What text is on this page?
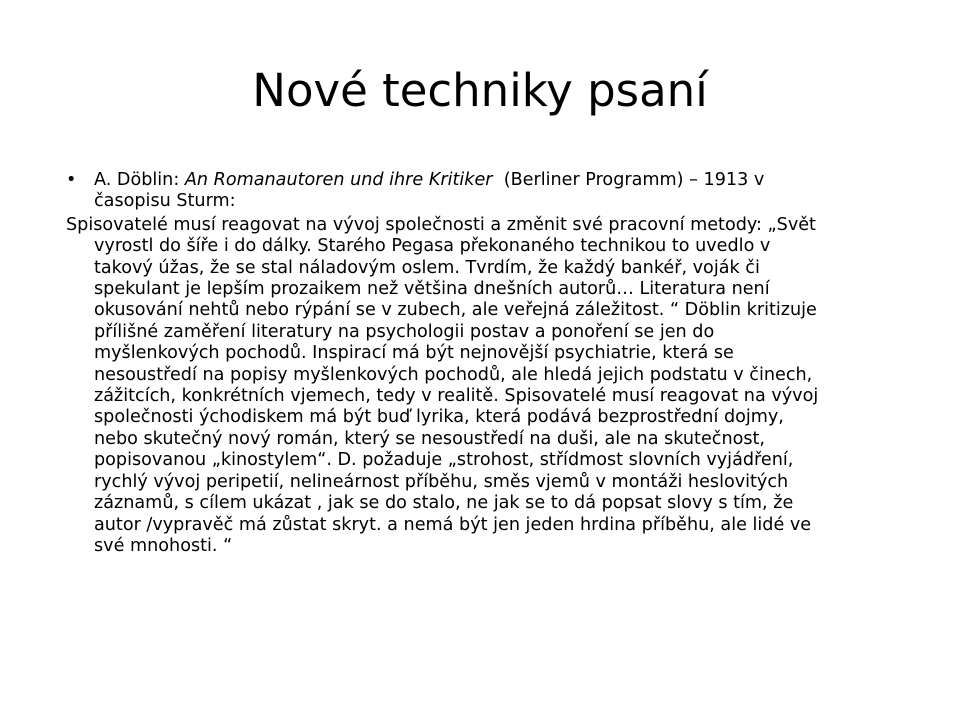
Nové techniky psaní
• A. Döblin: An Romanautoren und ihre Kritiker  (Berliner Programm) – 1913 v
časopisu Sturm:

Spisovatelé musí reagovat na vývoj společnosti a změnit své pracovní metody: „Svět
vyrostl do šíře i do dálky. Starého Pegasa překonaného technikou to uvedlo v
takový úžas, že se stal náladovým oslem. Tvrdím, že každý bankéř, voják či
spekulant je lepším prozaikem než většina dnešních autorů… Literatura není
okusování nehtů nebo rýpání se v zubech, ale veřejná záležitost. “ Döblin kritizuje
přílišné zaměření literatury na psychologii postav a ponoření se jen do
myšlenkových pochodů. Inspirací má být nejnovější psychiatrie, která se
nesoustředí na popisy myšlenkových pochodů, ale hledá jejich podstatu v činech,
zážitcích, konkrétních vjemech, tedy v realitě. Spisovatelé musí reagovat na vývoj
společnosti ýchodiskem má být buď lyrika, která podává bezprostřední dojmy,
nebo skutečný nový román, který se nesoustředí na duši, ale na skutečnost,
popisovanou „kinostylem“. D. požaduje „strohost, střídmost slovních vyjádření,
rychlý vývoj peripetií, nelineárnost příběhu, směs vjemů v montáži heslovitých
záznamů, s cílem ukázat , jak se do stalo, ne jak se to dá popsat slovy s tím, že
autor /vypravěč má zůstat skryt. a nemá být jen jeden hrdina příběhu, ale lidé ve
své mnohosti. “
